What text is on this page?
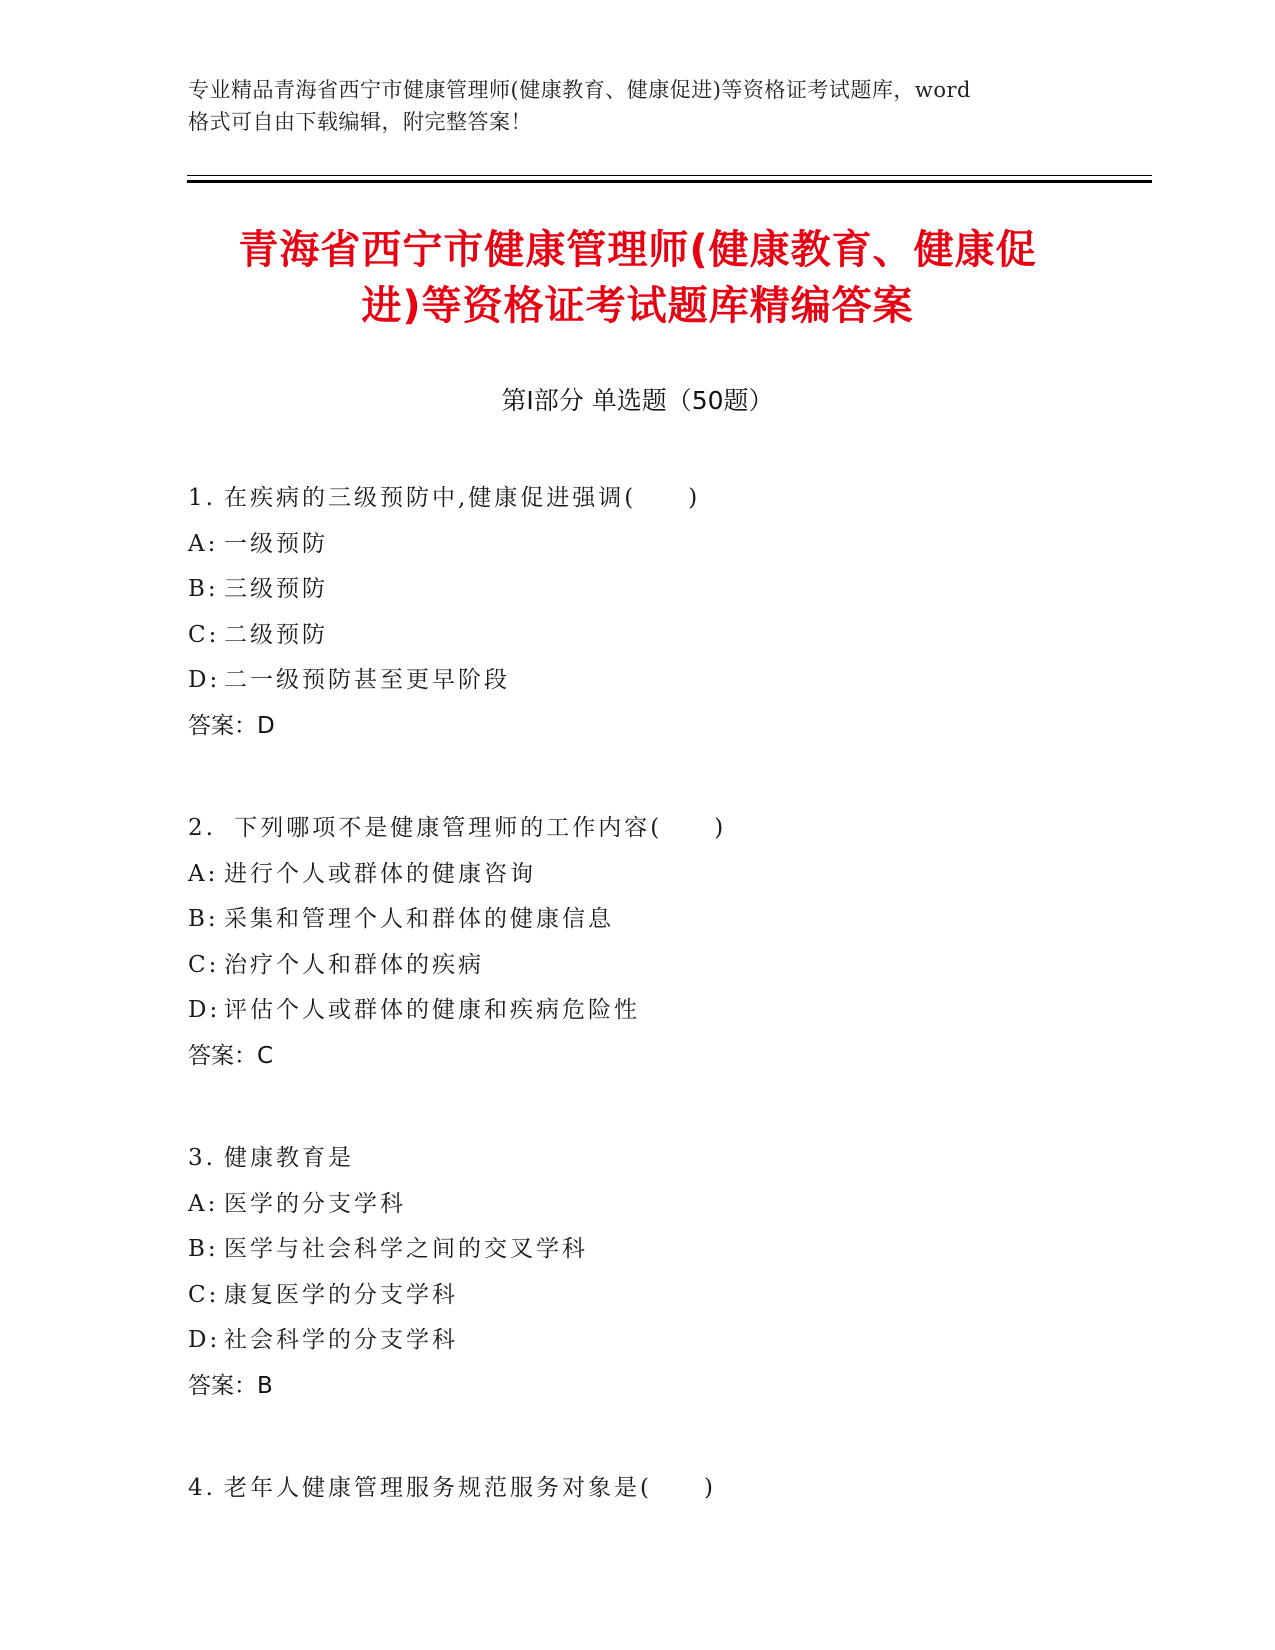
专业精品青海省西宁市健康管理师(健康教育、健康促进)等资格证考试题库，word
格式可自由下载编辑，附完整答案！
青海省西宁市健康管理师(健康教育、健康促
进)等资格证考试题库精编答案
第Ⅰ部分 单选题（50题）
1. 在疾病的三级预防中,健康促进强调(　　)
A: 一级预防
B: 三级预防
C: 二级预防
D: 二一级预防甚至更早阶段
答案：D
2. 下列哪项不是健康管理师的工作内容(　　)
A: 进行个人或群体的健康咨询
B: 采集和管理个人和群体的健康信息
C: 治疗个人和群体的疾病
D: 评估个人或群体的健康和疾病危险性
答案：C
3. 健康教育是
A: 医学的分支学科
B: 医学与社会科学之间的交叉学科
C: 康复医学的分支学科
D: 社会科学的分支学科
答案：B
4. 老年人健康管理服务规范服务对象是(　　)
